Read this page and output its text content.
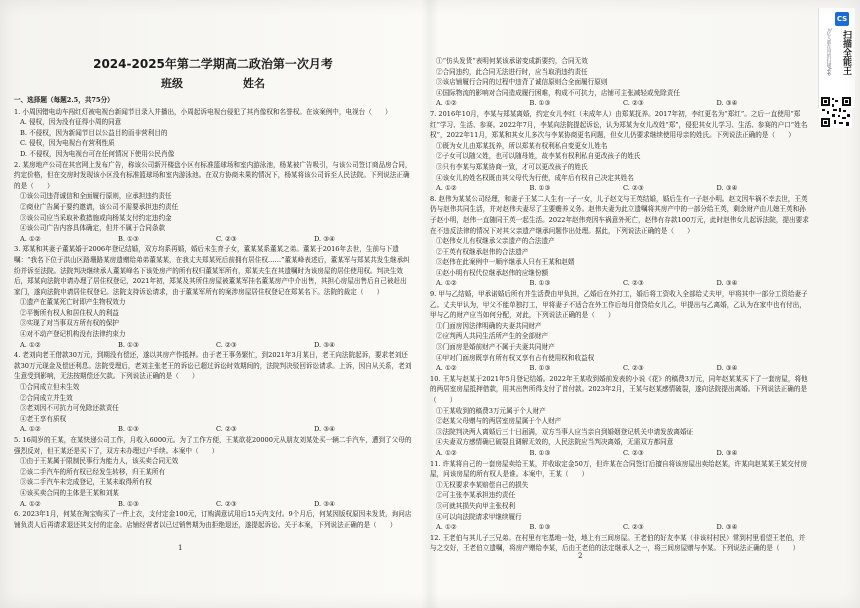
2024-2025年第二学期高二政治第一次月考
班级	姓名
一、选择题（每题2.5，共75分）
1. 小周因错电动车闯红灯被电视台新闻节目录入并播出，小周起诉电视台侵犯了其肖像权和名誉权。在该案例中，电视台（　　）
A. 侵权，因为没有征得小周的同意
B. 不侵权，因为新闻节目以公益目的而非营利目的
C. 侵权，因为电视台有营利性质
D. 不侵权，因为电视台可在任何情况下使用公民肖像
2. 某房地产公司在其官网上发布广告，称该公司新开楼盘小区有标准篮球场和室内游泳池，杨某被广告吸引，与该公司签订商品房合同，约定价格，但在交房时发现该小区没有标准篮球场和室内游泳池。在双方协商未果的情况下，杨某将该公司诉至人民法院。下列说法正确的是（　　）
①该公司违背诚信和全面履行原则，应承担违约责任
②商业广告属于要约邀请，该公司不需要承担违约责任
③该公司应当采取补救措施或向杨某支付约定违约金
④该公司广告内容具体确定，但并不属于合同条款
A. ①②	B. ①③	C. ②③	D. ③④
3. 郑某和其妻子董某婚于2006年登记结婚，双方均系再婚，婚后未生育子女，董某某系董某之弟。董某于2016年去世，生前与下遗嘱：“我名下位于洪山区路珊路某房遗赠给弟弟董某某，在我丈夫郑某死后前拥有居住权……”董某峰表述后，董某军与郑某共发生继承纠纷并诉至法院。法院判决继续承人董某峰名下该处房产的所有权归董某军所有，郑某夫生在其遗嘱时为该房屋的居住使用权。判决生效后，郑某向法院申请办理了居住权登记，2021年初，郑某及其所住房屋被董某军挂名董某房产中介出售，其担心房屋出售后自己被赶出家门，遂向法院申请居住权登记。法院支持诉讼请求，由于董某军所有的案涉房屋居住权登记在郑某名下。法院的裁定（　　）
①遗产在董某死亡时即产生物权效力
②平衡所有权人和居住权人的利益
③实现了对当事双方所有权的保护
④对不动产登记机构没有法律约束力
A. ①②	B. ①③	C. ②③	D. ③④
4. 老刘向老王借款30万元，到期没有偿还，遂以其房产作抵押。由于老王事务繁忙，到2021年3月某日，老王向法院起诉，要求老刘还款30万元现金及偿还利息。法院受理后，老刘主张老王的诉讼已超过诉讼时效期间的，法院判决驳回诉讼请求。上诉，因自从关系，老刘生意受到影响，无法按期偿还欠款。下列说法正确的是（　　）
①合同成立但未生效
②合同成立并生效
③老刘因不可抗力可免除还款责任
④老王享有质权
A. ①②	B. ①③	C. ②③	D. ③④
5. 16周岁的王某，在某快递公司工作，月收入6000元。为了工作方便，王某欲花20000元从朋友刘某处买一辆二手汽车，遭到了父母的强烈反对，但王某还是买下了，双方未办理过户手续。本案中（　　）
①由于王某属于限制民事行为能力人，该买卖合同无效
②该二手汽车的所有权已经发生转移，归王某所有
③该二手汽车未完成登记，王某未取得所有权
④该买卖合同的主体是王某和刘某
A. ①②	B. ①③	C. ②③	D. ③④
6. 2023年1月，何某在淘宝购买了一件上衣，支付定金100元，订购满意试用后15天内支付。9个月后，何某因版权原因未发货，询问店铺负责人后再请求退还其支付的定金。店铺经营者以已过销售期为由拒绝退还，遂提起诉讼。关于本案，下列说法正确的是（　　）
①“仿头发货”表明何某该承诺变成新要约，合同无效
②合同违约，此合同无法进行时，应当取消违约责任
③该店铺履行合同的过程中违背了诚信原则合全面履行原则
④国际物流的影响对合同造成履行困难，构成不可抗力，店铺可主张减轻或免除责任
A. ①②	B. ①③	C. ②③	D. ③④
7. 2016年10月，李某与郑某离婚，约定女儿李红（未成年人）由郑某抚养。2017年初，李红更名为“郑红”。之后一直使用“郑红”学习、生活、参赛。2022年7月，李某向法院提起诉讼，认为郑某为女儿改姓“郑”，侵犯其女儿学习、生活、参赛的户口“姓名权”，2022年11月，郑某和其女儿多次与李某协商更名问题，但女儿仍要求继续使用母亲的姓氏。下列说法正确的是（　　）
①既为女儿由郑某抚养，所以郑某有权利私自变更女儿姓名
②子女可以随父姓，也可以随母姓，故李某有权利私自更改孩子的姓氏
③只有李某与郑某协商一致，才可以更改孩子的姓氏
④该女儿的姓名权既由其父母代为行使，成年后有权自己决定其姓名
A. ①②	B. ①③	C. ②③	D. ③④
8. 赵伟为某某公司经理，和妻子王某二人生有一子一女，儿子赵文与王英结婚，婚后生有一子赵小明。赵文因车祸不幸去世，王英仍与赵伟共同生活，并对赵伟夫妻尽了主要赡养义务。赵伟夫妻为此立遗嘱将其房产中的一部分给王英，剩余财产由儿媳王英和孙子赵小明，赵伟一直随同王英一起生活。2022年赵伟亮因车祸意外死亡，赵伟有存款100万元，此时赵伟女儿起诉法院，提出要求在不违反法律的情况下对其父亲遗产继承问题作出处理。据此，下列说法正确的是（　　）
①赵伟女儿有权继承父亲遗产的合法遗产
②王英有权继承赵伟的合法遗产
③赵伟在此案例中一顺序继承人只有王某和赵婿
④赵小明有权代位继承赵伟的应继份额
A. ①②	B. ①③	C. ②③	D. ③④
9. 甲与乙结婚，甲承诺婚后所有并生活费由甲负担，乙婚后在外打工，婚后将工资收入全部给丈夫甲，甲将其中一部分工资给妻子乙。丈夫甲认为，甲父不能单独打工，甲将妻子不适合在外工作后每月借贷给女儿乙，甲提出与乙离婚，乙认为在家中也有付出，甲与乙的财产应当如何分配，对此，下列说法正确的是（　　）
①门面房因法律明确的夫妻共同财产
②应判两人共同生活所产生的全部财产
③门面房是婚前财产不属于夫妻共同财产
④甲对门面房既享有所有权又享有占有使用权和收益权
A. ①②	B. ①③	C. ②③	D. ③④
10. 王某与赵某于2021年5月登记结婚。2022年王某收到婚前发表的小说《花》的稿费3万元，同年赵某某买下了一套房屋，将他的两居室房屋抵押借款，用其出售所得支付了首付款。2023年2月，王某与赵某感情破裂，遂向法院提出离婚。下列说法正确的是（　　）
①王某收到的稿费3万元属于个人财产
②赵某父母赠与的两居室房屋属于个人财产
③法院判决两人离婚后三十日届满，双方当事人应当亲自到婚姻登记机关申请发放离婚证
④夫妻双方感情确已破裂且调解无效的，人民法院应当判决离婚，无需双方都同意
A. ①②	B. ①③	C. ②③	D. ③④
11. 许某将自己的一套房屋卖给王某，并收取定金50万，但许某在合同签订后擅自将该房屋出卖给赵某，许某向赵某某王某交付房屋，问该房屋的所有权人是谁。本案中，王某（　　）
①无权要求李某赔偿自己的损失
②可主张李某承担违约责任
③可就其损失向甲主张权利
④可以向法院请求甲继续履行
A. ①②	B. ①③	C. ②③	D. ③④
12. 王老伯与其儿子三兄弟。在村里有宅基地一处，地上有三间房屋。王老伯的好友李某（非该村村民）常到村里看望王老伯，并与之交好，王老伯立遗嘱，将房产赠给李某，后由王老伯的法定继承人之一，将三间房屋赠与李某。下列说法正确的是（　　）
1
2
CS
扫描全能王
3亿人都在用的扫描App
